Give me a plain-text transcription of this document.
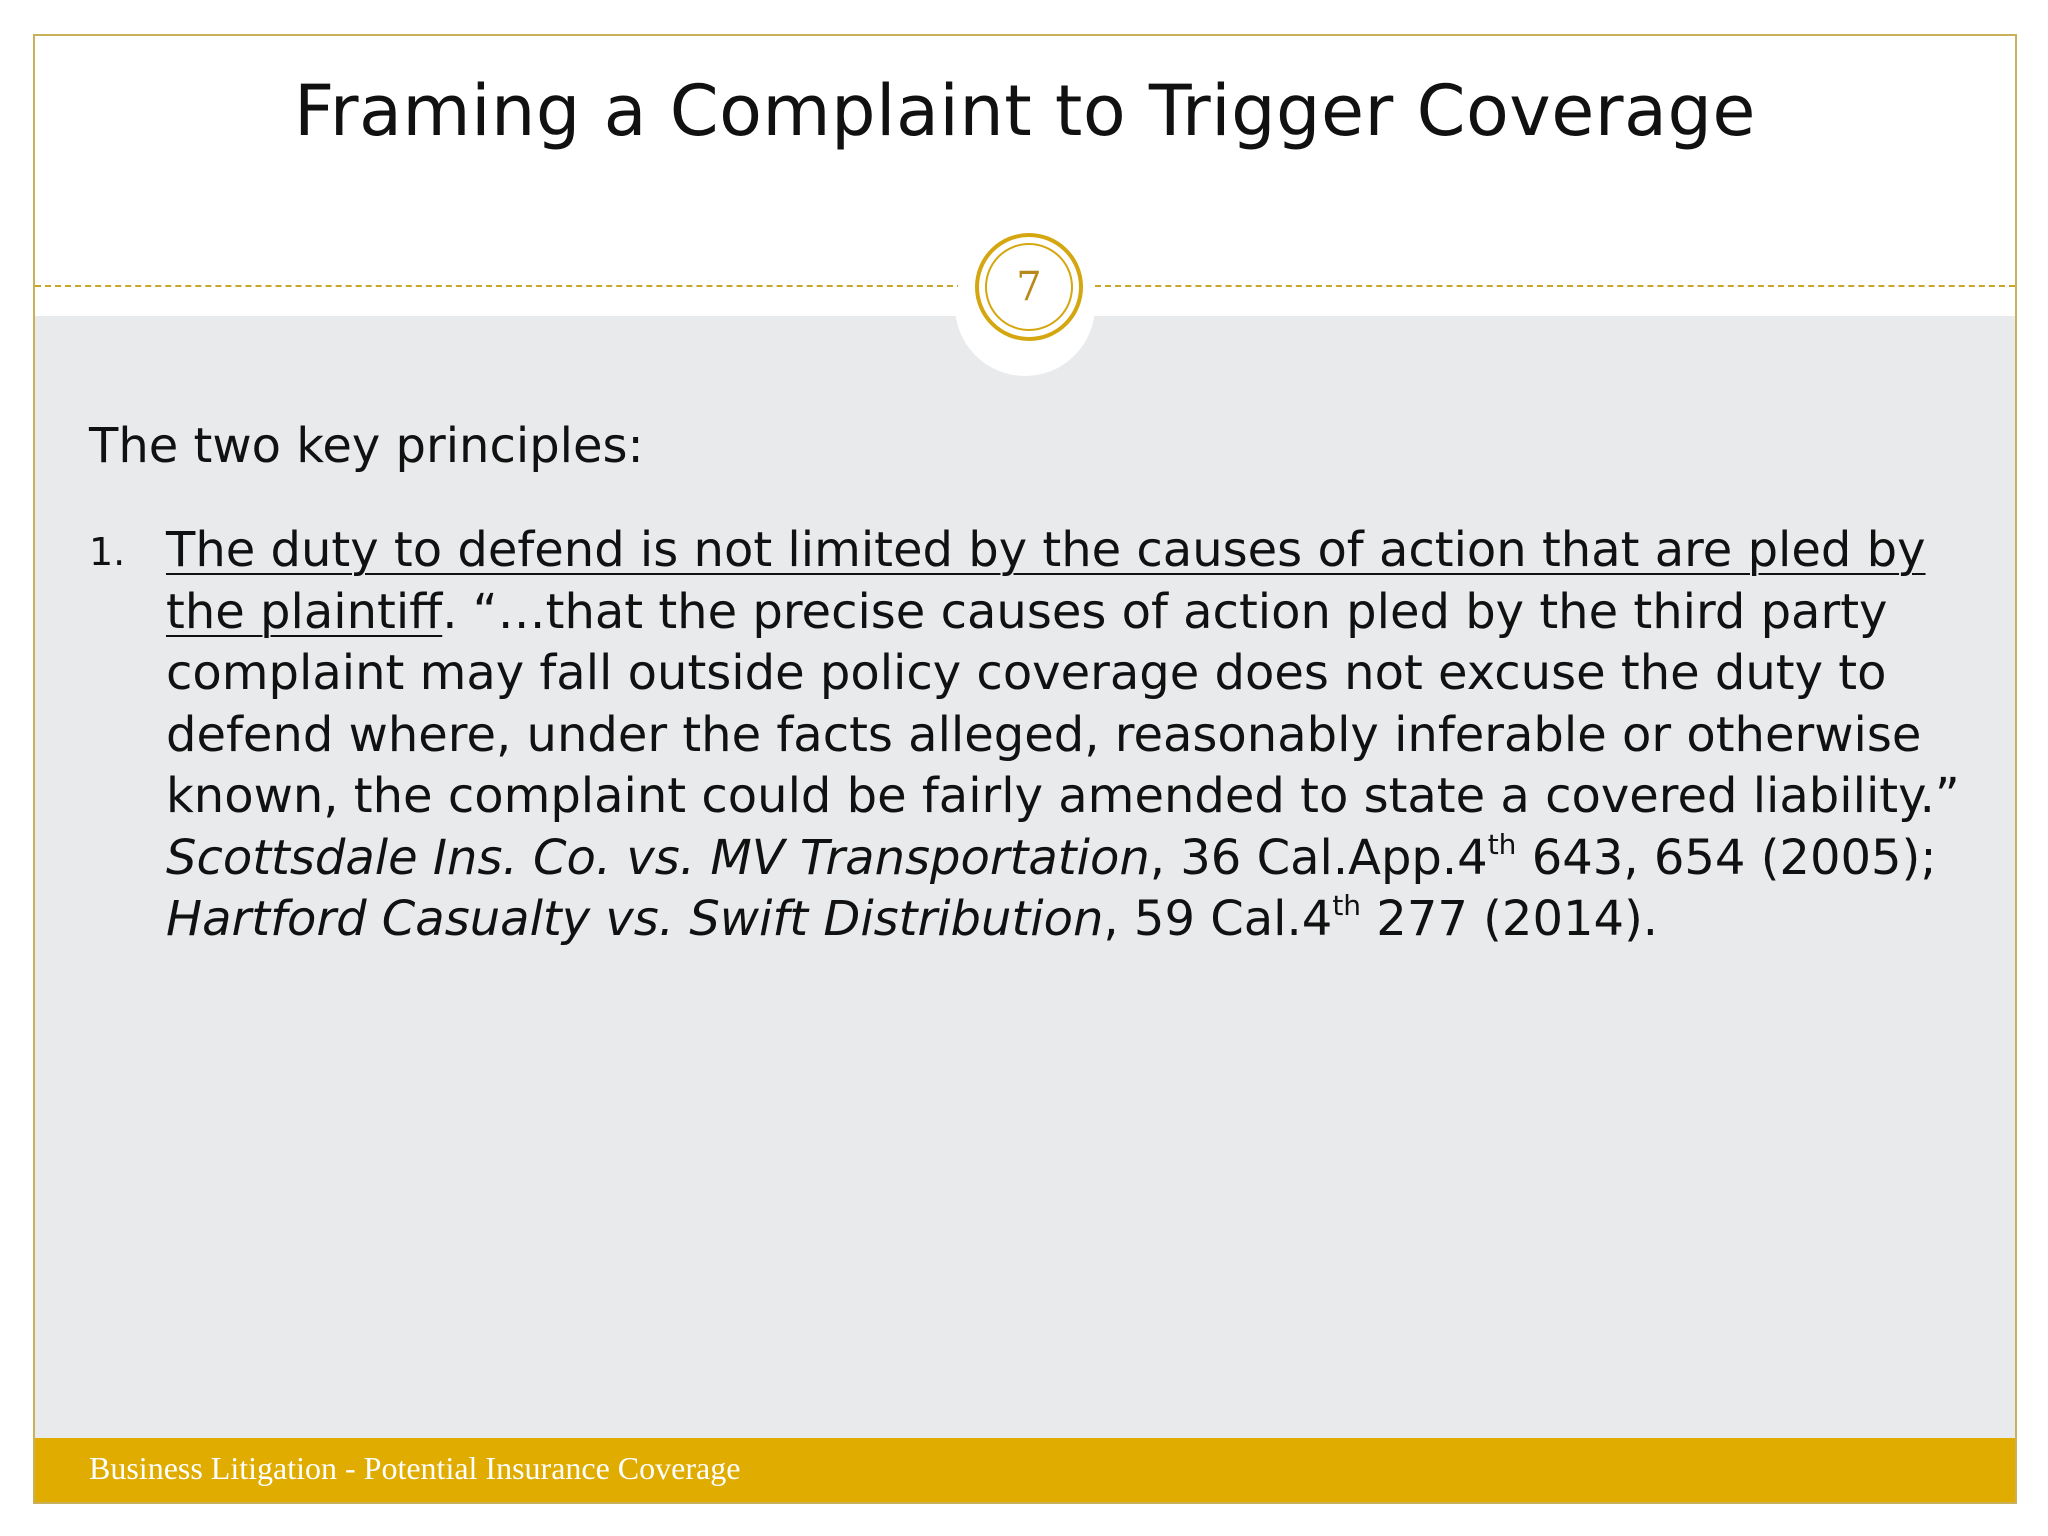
Framing a Complaint to Trigger Coverage
7

The two key principles:

1. The duty to defend is not limited by the causes of action that are pled by the plaintiff. “…that the precise causes of action pled by the third party complaint may fall outside policy coverage does not excuse the duty to defend where, under the facts alleged, reasonably inferable or otherwise known, the complaint could be fairly amended to state a covered liability.” Scottsdale Ins. Co. vs. MV Transportation, 36 Cal.App.4th 643, 654 (2005); Hartford Casualty vs. Swift Distribution, 59 Cal.4th 277 (2014).
Business Litigation - Potential Insurance Coverage
